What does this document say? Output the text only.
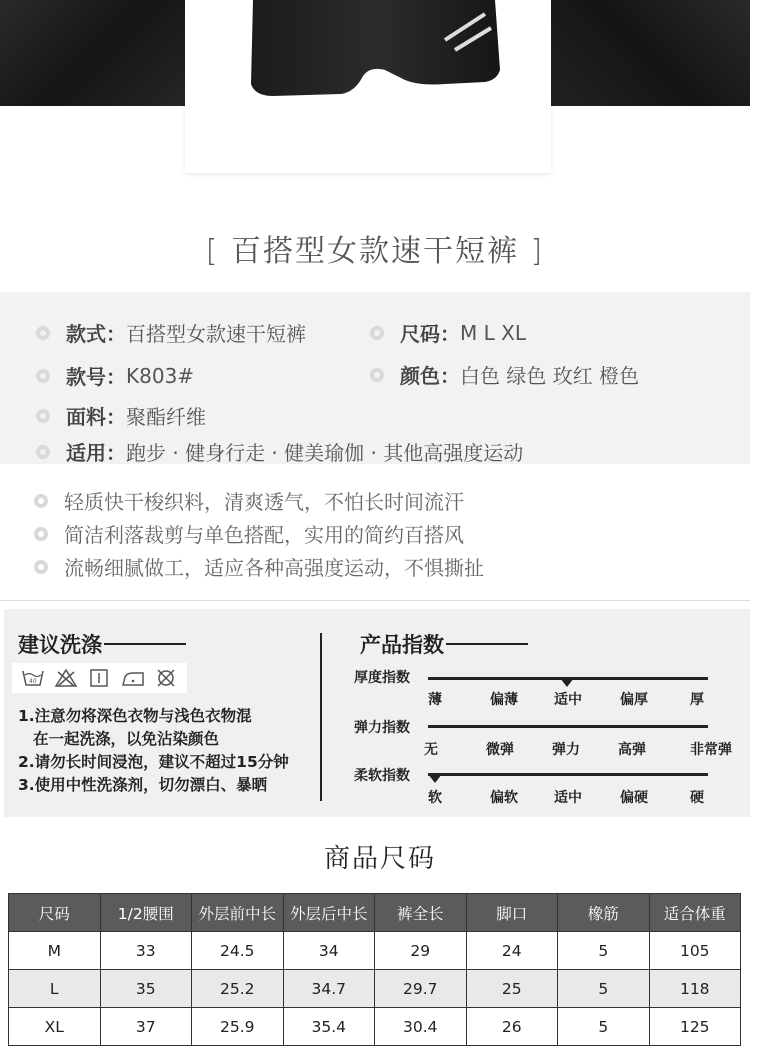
[ 百搭型女款速干短裤 ]
款式： 百搭型女款速干短裤	尺码： M L XL
款号： K803#	颜色： 白色 绿色 玫红 橙色
面料： 聚酯纤维
适用： 跑步 · 健身行走 · 健美瑜伽 · 其他高强度运动
轻质快干梭织料，清爽透气，不怕长时间流汗
简洁利落裁剪与单色搭配，实用的简约百搭风
流畅细腻做工，适应各种高强度运动，不惧撕扯
建议洗涤
40
1.注意勿将深色衣物与浅色衣物混
在一起洗涤，以免沾染颜色
2.请勿长时间浸泡，建议不超过15分钟
3.使用中性洗涤剂，切勿漂白、暴晒
产品指数
厚度指数
薄	偏薄	适中	偏厚	厚
弹力指数
无	微弹	弹力	高弹	非常弹
柔软指数
软	偏软	适中	偏硬	硬
商品尺码
尺码	1/2腰围	外层前中长	外层后中长	裤全长	脚口	橡筋	适合体重
M	33	24.5	34	29	24	5	105
L	35	25.2	34.7	29.7	25	5	118
XL	37	25.9	35.4	30.4	26	5	125
